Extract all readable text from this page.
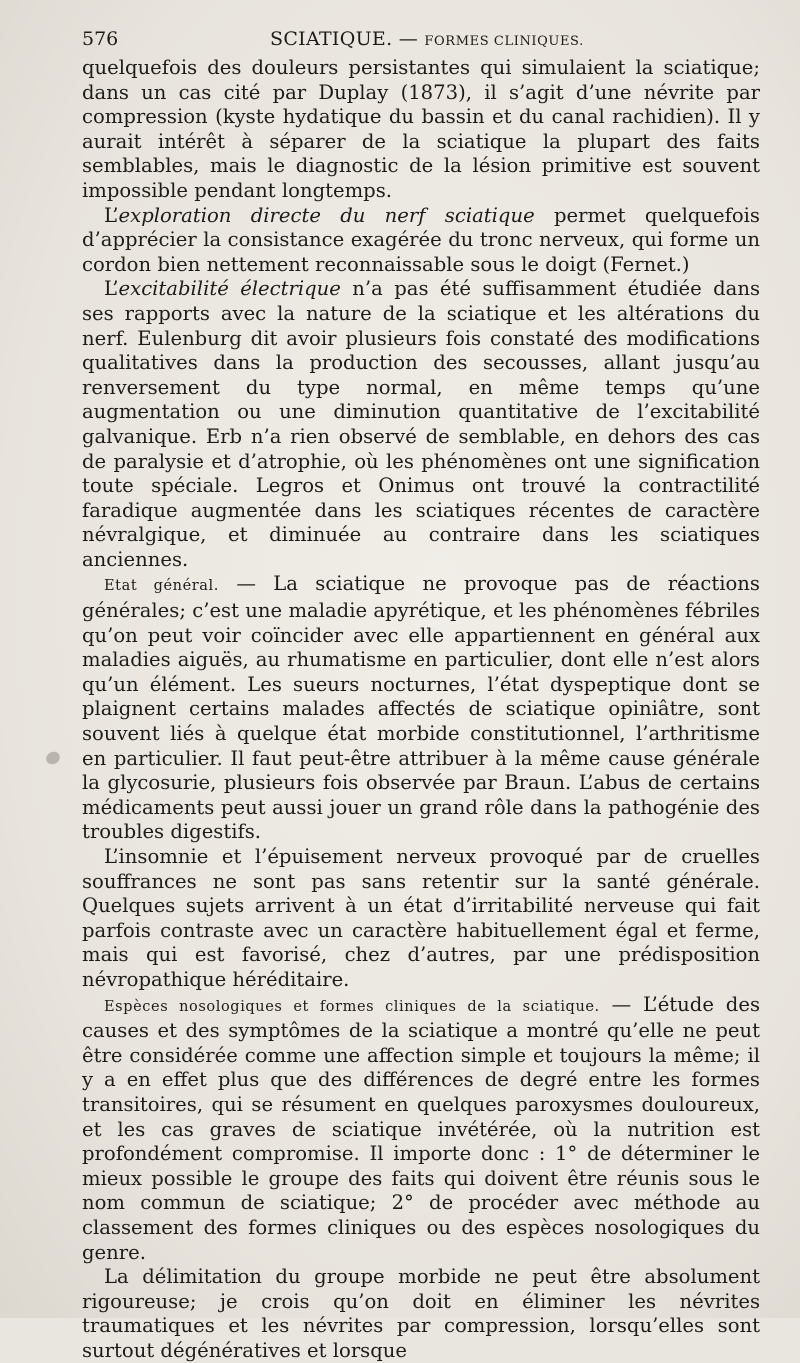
576	SCIATIQUE. — FORMES CLINIQUES.

quelquefois des douleurs persistantes qui simulaient la sciatique; dans un cas cité par Duplay (1873), il s’agit d’une névrite par compression (kyste hydatique du bassin et du canal rachidien). Il y aurait intérêt à séparer de la sciatique la plupart des faits semblables, mais le diagnostic de la lésion primitive est souvent impossible pendant longtemps.

L’exploration directe du nerf sciatique permet quelquefois d’apprécier la consistance exagérée du tronc nerveux, qui forme un cordon bien nettement reconnaissable sous le doigt (Fernet.)

L’excitabilité électrique n’a pas été suffisamment étudiée dans ses rapports avec la nature de la sciatique et les altérations du nerf. Eulenburg dit avoir plusieurs fois constaté des modifications qualitatives dans la production des secousses, allant jusqu’au renversement du type normal, en même temps qu’une augmentation ou une diminution quantitative de l’excitabilité galvanique. Erb n’a rien observé de semblable, en dehors des cas de paralysie et d’atrophie, où les phénomènes ont une signification toute spéciale. Legros et Onimus ont trouvé la contractilité faradique augmentée dans les sciatiques récentes de caractère névralgique, et diminuée au contraire dans les sciatiques anciennes.

Etat général. — La sciatique ne provoque pas de réactions générales; c’est une maladie apyrétique, et les phénomènes fébriles qu’on peut voir coïncider avec elle appartiennent en général aux maladies aiguës, au rhumatisme en particulier, dont elle n’est alors qu’un élément. Les sueurs nocturnes, l’état dyspeptique dont se plaignent certains malades affectés de sciatique opiniâtre, sont souvent liés à quelque état morbide constitutionnel, l’arthritisme en particulier. Il faut peut-être attribuer à la même cause générale la glycosurie, plusieurs fois observée par Braun. L’abus de certains médicaments peut aussi jouer un grand rôle dans la pathogénie des troubles digestifs.

L’insomnie et l’épuisement nerveux provoqué par de cruelles souffrances ne sont pas sans retentir sur la santé générale. Quelques sujets arrivent à un état d’irritabilité nerveuse qui fait parfois contraste avec un caractère habituellement égal et ferme, mais qui est favorisé, chez d’autres, par une prédisposition névropathique héréditaire.

Espèces nosologiques et formes cliniques de la sciatique. — L’étude des causes et des symptômes de la sciatique a montré qu’elle ne peut être considérée comme une affection simple et toujours la même; il y a en effet plus que des différences de degré entre les formes transitoires, qui se résument en quelques paroxysmes douloureux, et les cas graves de sciatique invétérée, où la nutrition est profondément compromise. Il importe donc : 1° de déterminer le mieux possible le groupe des faits qui doivent être réunis sous le nom commun de sciatique; 2° de procéder avec méthode au classement des formes cliniques ou des espèces nosologiques du genre.

La délimitation du groupe morbide ne peut être absolument rigoureuse; je crois qu’on doit en éliminer les névrites traumatiques et les névrites par compression, lorsqu’elles sont surtout dégénératives et lorsque
